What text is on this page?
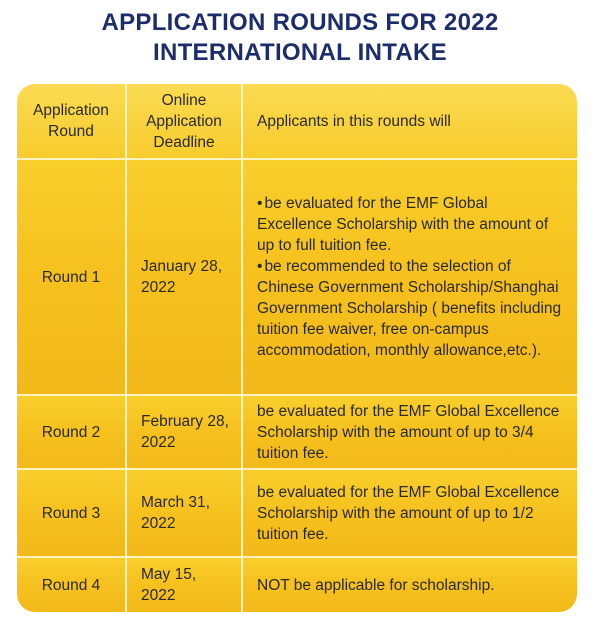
APPLICATION ROUNDS FOR 2022
INTERNATIONAL INTAKE
Application Round
Online Application Deadline
Applicants in this rounds will
Round 1
January 28, 2022
• be evaluated for the EMF Global Excellence Scholarship with the amount of up to full tuition fee.
• be recommended to the selection of Chinese Government Scholarship/Shanghai Government Scholarship ( benefits including tuition fee waiver, free on-campus accommodation, monthly allowance,etc.).
Round 2
February 28, 2022
be evaluated for the EMF Global Excellence Scholarship with the amount of up to 3/4 tuition fee.
Round 3
March 31, 2022
be evaluated for the EMF Global Excellence Scholarship with the amount of up to 1/2 tuition fee.
Round 4
May 15, 2022
NOT be applicable for scholarship.
